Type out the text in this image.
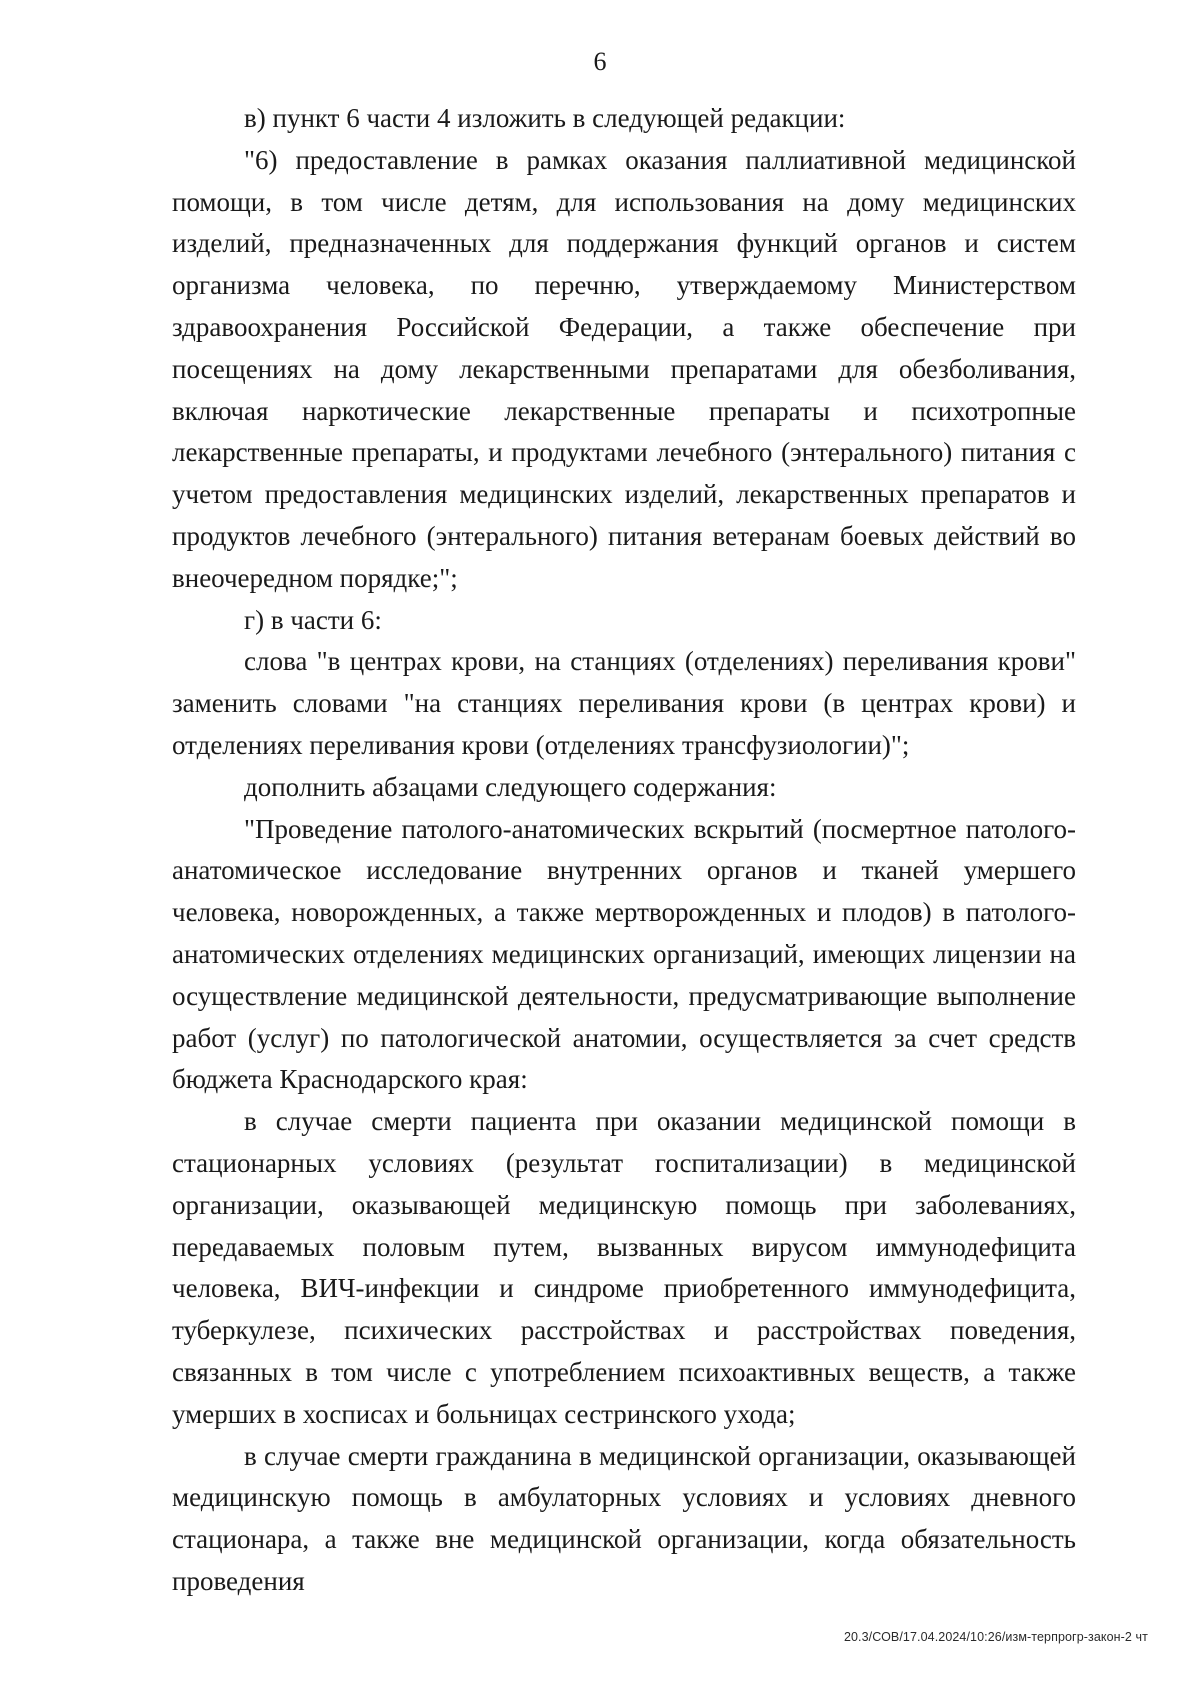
6

в) пункт 6 части 4 изложить в следующей редакции:

"6) предоставление в рамках оказания паллиативной медицинской помощи, в том числе детям, для использования на дому медицинских изделий, предназначенных для поддержания функций органов и систем организма человека, по перечню, утверждаемому Министерством здравоохранения Российской Федерации, а также обеспечение при посещениях на дому лекарственными препаратами для обезболивания, включая наркотические лекарственные препараты и психотропные лекарственные препараты, и продуктами лечебного (энтерального) питания с учетом предоставления медицинских изделий, лекарственных препаратов и продуктов лечебного (энтерального) питания ветеранам боевых действий во внеочередном порядке;";

г) в части 6:

слова "в центрах крови, на станциях (отделениях) переливания крови" заменить словами "на станциях переливания крови (в центрах крови) и отделениях переливания крови (отделениях трансфузиологии)";

дополнить абзацами следующего содержания:

"Проведение патолого-анатомических вскрытий (посмертное патолого-анатомическое исследование внутренних органов и тканей умершего человека, новорожденных, а также мертворожденных и плодов) в патолого-анатомических отделениях медицинских организаций, имеющих лицензии на осуществление медицинской деятельности, предусматривающие выполнение работ (услуг) по патологической анатомии, осуществляется за счет средств бюджета Краснодарского края:

в случае смерти пациента при оказании медицинской помощи в стационарных условиях (результат госпитализации) в медицинской организации, оказывающей медицинскую помощь при заболеваниях, передаваемых половым путем, вызванных вирусом иммунодефицита человека, ВИЧ-инфекции и синдроме приобретенного иммунодефицита, туберкулезе, психических расстройствах и расстройствах поведения, связанных в том числе с употреблением психоактивных веществ, а также умерших в хосписах и больницах сестринского ухода;

в случае смерти гражданина в медицинской организации, оказывающей медицинскую помощь в амбулаторных условиях и условиях дневного стационара, а также вне медицинской организации, когда обязательность проведения

20.3/СОВ/17.04.2024/10:26/изм-терпрогр-закон-2 чт
